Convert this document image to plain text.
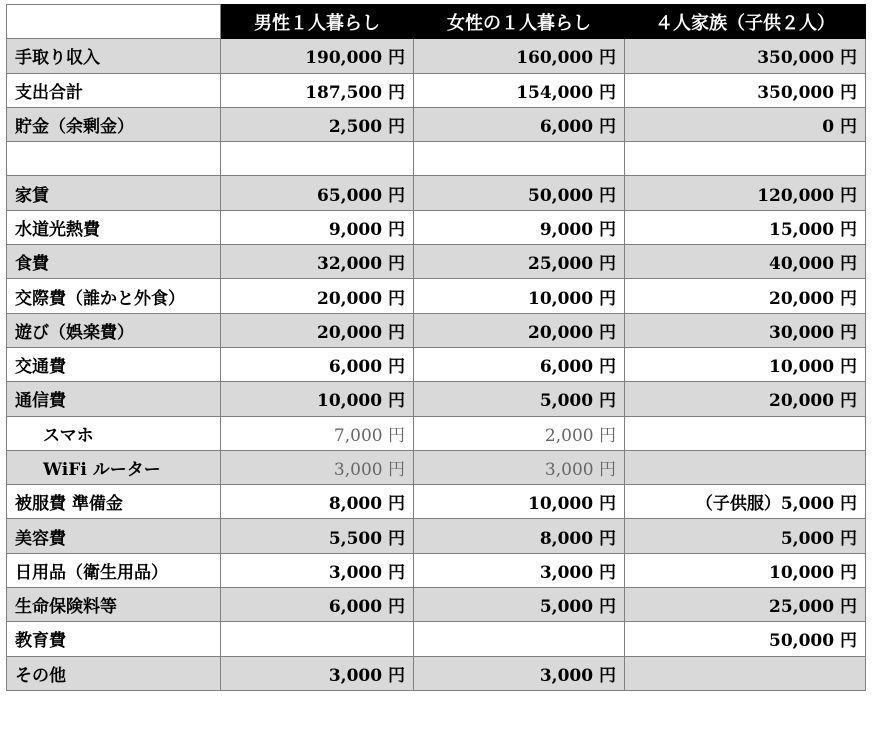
	男性１人暮らし	女性の１人暮らし	４人家族（子供２人）
手取り収入	190,000 円	160,000 円	350,000 円
支出合計	187,500 円	154,000 円	350,000 円
貯金（余剰金）	2,500 円	6,000 円	0 円

家賃	65,000 円	50,000 円	120,000 円
水道光熱費	9,000 円	9,000 円	15,000 円
食費	32,000 円	25,000 円	40,000 円
交際費（誰かと外食）	20,000 円	10,000 円	20,000 円
遊び（娯楽費）	20,000 円	20,000 円	30,000 円
交通費	6,000 円	6,000 円	10,000 円
通信費	10,000 円	5,000 円	20,000 円
スマホ	7,000 円	2,000 円	
WiFi ルーター	3,000 円	3,000 円	
被服費 準備金	8,000 円	10,000 円	（子供服）5,000 円
美容費	5,500 円	8,000 円	5,000 円
日用品（衛生用品）	3,000 円	3,000 円	10,000 円
生命保険料等	6,000 円	5,000 円	25,000 円
教育費			50,000 円
その他	3,000 円	3,000 円	
